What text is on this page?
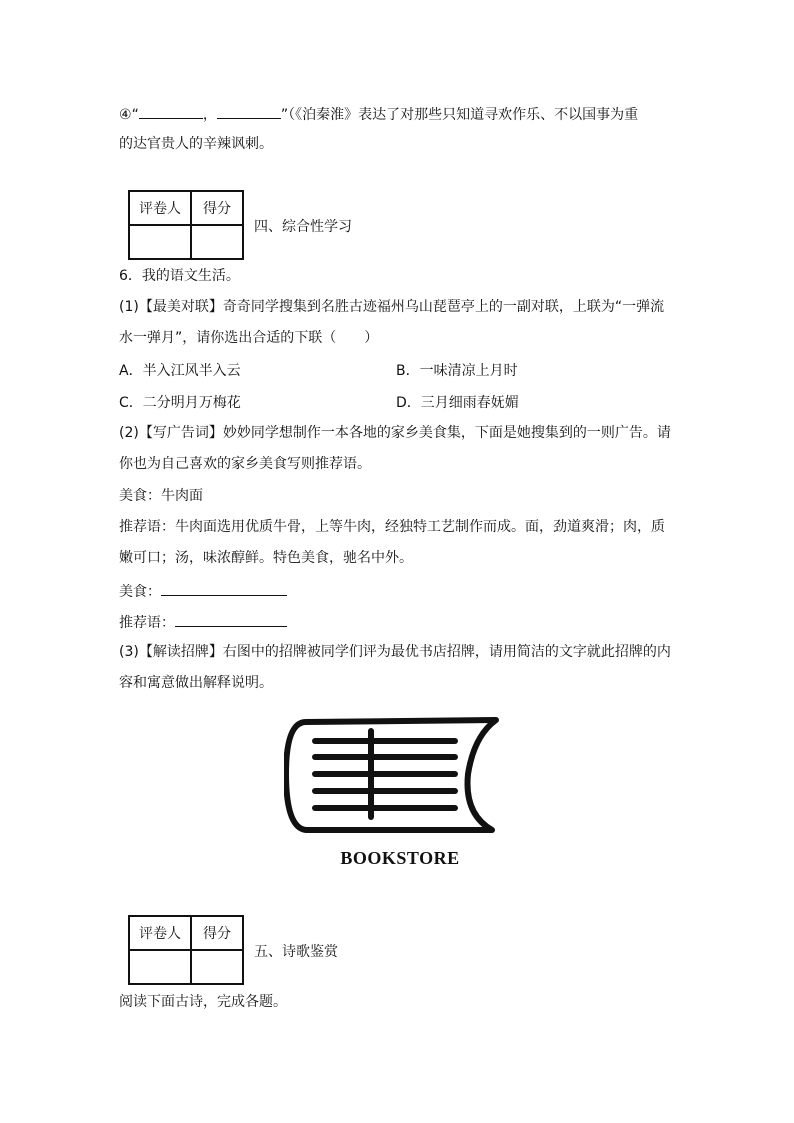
④“	，	”（《泊秦淮》表达了对那些只知道寻欢作乐、不以国事为重
的达官贵人的辛辣讽刺。
评卷人	得分

四、综合性学习
6．我的语文生活。
(1)【最美对联】奇奇同学搜集到名胜古迹福州乌山琵琶亭上的一副对联，上联为“一弹流
水一弹月”，请你选出合适的下联（　　）
A．半入江风半入云	B．一味清凉上月时
C．二分明月万梅花	D．三月细雨春妩媚
(2)【写广告词】妙妙同学想制作一本各地的家乡美食集，下面是她搜集到的一则广告。请
你也为自己喜欢的家乡美食写则推荐语。
美食：牛肉面
推荐语：牛肉面选用优质牛骨，上等牛肉，经独特工艺制作而成。面，劲道爽滑；肉，质
嫩可口；汤，味浓醇鲜。特色美食，驰名中外。
美食：
推荐语：
(3)【解读招牌】右图中的招牌被同学们评为最优书店招牌，请用简洁的文字就此招牌的内
容和寓意做出解释说明。
BOOKSTORE
评卷人	得分

五、诗歌鉴赏
阅读下面古诗，完成各题。
